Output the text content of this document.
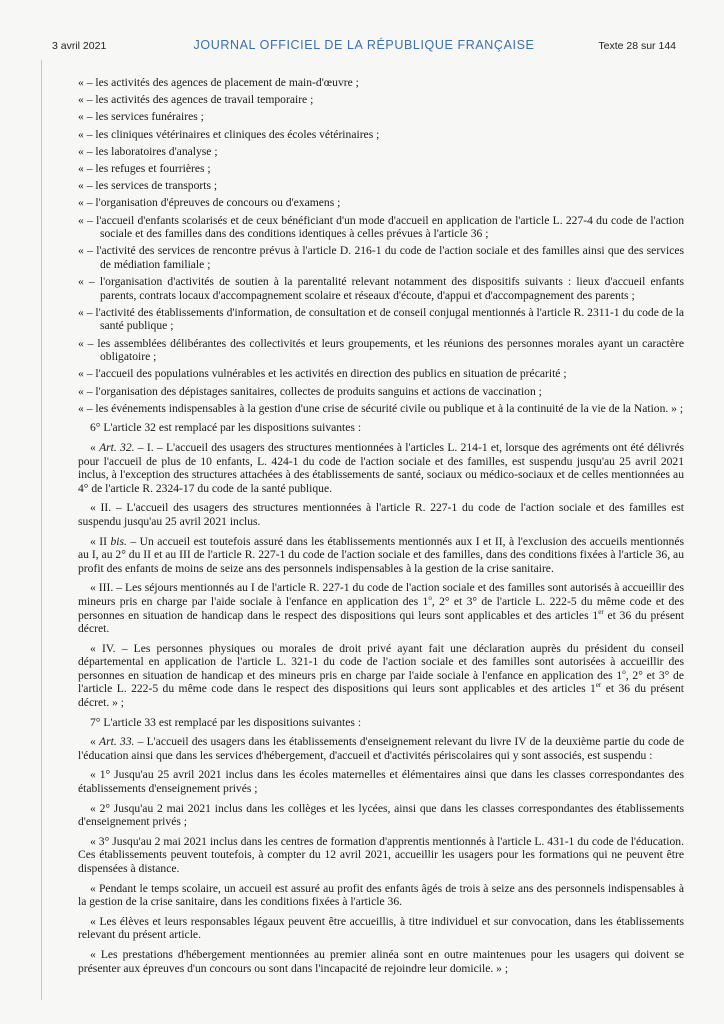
3 avril 2021	JOURNAL OFFICIEL DE LA RÉPUBLIQUE FRANÇAISE	Texte 28 sur 144

« – les activités des agences de placement de main-d'œuvre ;

« – les activités des agences de travail temporaire ;

« – les services funéraires ;

« – les cliniques vétérinaires et cliniques des écoles vétérinaires ;

« – les laboratoires d'analyse ;

« – les refuges et fourrières ;

« – les services de transports ;

« – l'organisation d'épreuves de concours ou d'examens ;

« – l'accueil d'enfants scolarisés et de ceux bénéficiant d'un mode d'accueil en application de l'article L. 227-4 du code de l'action sociale et des familles dans des conditions identiques à celles prévues à l'article 36 ;

« – l'activité des services de rencontre prévus à l'article D. 216-1 du code de l'action sociale et des familles ainsi que des services de médiation familiale ;

« – l'organisation d'activités de soutien à la parentalité relevant notamment des dispositifs suivants : lieux d'accueil enfants parents, contrats locaux d'accompagnement scolaire et réseaux d'écoute, d'appui et d'accompagnement des parents ;

« – l'activité des établissements d'information, de consultation et de conseil conjugal mentionnés à l'article R. 2311-1 du code de la santé publique ;

« – les assemblées délibérantes des collectivités et leurs groupements, et les réunions des personnes morales ayant un caractère obligatoire ;

« – l'accueil des populations vulnérables et les activités en direction des publics en situation de précarité ;

« – l'organisation des dépistages sanitaires, collectes de produits sanguins et actions de vaccination ;

« – les événements indispensables à la gestion d'une crise de sécurité civile ou publique et à la continuité de la vie de la Nation. » ;

6° L'article 32 est remplacé par les dispositions suivantes :

« Art. 32. – I. – L'accueil des usagers des structures mentionnées à l'articles L. 214-1 et, lorsque des agréments ont été délivrés pour l'accueil de plus de 10 enfants, L. 424-1 du code de l'action sociale et des familles, est suspendu jusqu'au 25 avril 2021 inclus, à l'exception des structures attachées à des établissements de santé, sociaux ou médico-sociaux et de celles mentionnées au 4° de l'article R. 2324-17 du code de la santé publique.

« II. – L'accueil des usagers des structures mentionnées à l'article R. 227-1 du code de l'action sociale et des familles est suspendu jusqu'au 25 avril 2021 inclus.

« II bis. – Un accueil est toutefois assuré dans les établissements mentionnés aux I et II, à l'exclusion des accueils mentionnés au I, au 2° du II et au III de l'article R. 227-1 du code de l'action sociale et des familles, dans des conditions fixées à l'article 36, au profit des enfants de moins de seize ans des personnels indispensables à la gestion de la crise sanitaire.

« III. – Les séjours mentionnés au I de l'article R. 227-1 du code de l'action sociale et des familles sont autorisés à accueillir des mineurs pris en charge par l'aide sociale à l'enfance en application des 1$^o$, 2° et 3° de l'article L. 222-5 du même code et des personnes en situation de handicap dans le respect des dispositions qui leurs sont applicables et des articles 1er et 36 du présent décret.

« IV. – Les personnes physiques ou morales de droit privé ayant fait une déclaration auprès du président du conseil départemental en application de l'article L. 321-1 du code de l'action sociale et des familles sont autorisées à accueillir des personnes en situation de handicap et des mineurs pris en charge par l'aide sociale à l'enfance en application des 1$^o$, 2° et 3° de l'article L. 222-5 du même code dans le respect des dispositions qui leurs sont applicables et des articles 1er et 36 du présent décret. » ;

7° L'article 33 est remplacé par les dispositions suivantes :

« Art. 33. – L'accueil des usagers dans les établissements d'enseignement relevant du livre IV de la deuxième partie du code de l'éducation ainsi que dans les services d'hébergement, d'accueil et d'activités périscolaires qui y sont associés, est suspendu :

« 1° Jusqu'au 25 avril 2021 inclus dans les écoles maternelles et élémentaires ainsi que dans les classes correspondantes des établissements d'enseignement privés ;

« 2° Jusqu'au 2 mai 2021 inclus dans les collèges et les lycées, ainsi que dans les classes correspondantes des établissements d'enseignement privés ;

« 3° Jusqu'au 2 mai 2021 inclus dans les centres de formation d'apprentis mentionnés à l'article L. 431-1 du code de l'éducation. Ces établissements peuvent toutefois, à compter du 12 avril 2021, accueillir les usagers pour les formations qui ne peuvent être dispensées à distance.

« Pendant le temps scolaire, un accueil est assuré au profit des enfants âgés de trois à seize ans des personnels indispensables à la gestion de la crise sanitaire, dans les conditions fixées à l'article 36.

« Les élèves et leurs responsables légaux peuvent être accueillis, à titre individuel et sur convocation, dans les établissements relevant du présent article.

« Les prestations d'hébergement mentionnées au premier alinéa sont en outre maintenues pour les usagers qui doivent se présenter aux épreuves d'un concours ou sont dans l'incapacité de rejoindre leur domicile. » ;
